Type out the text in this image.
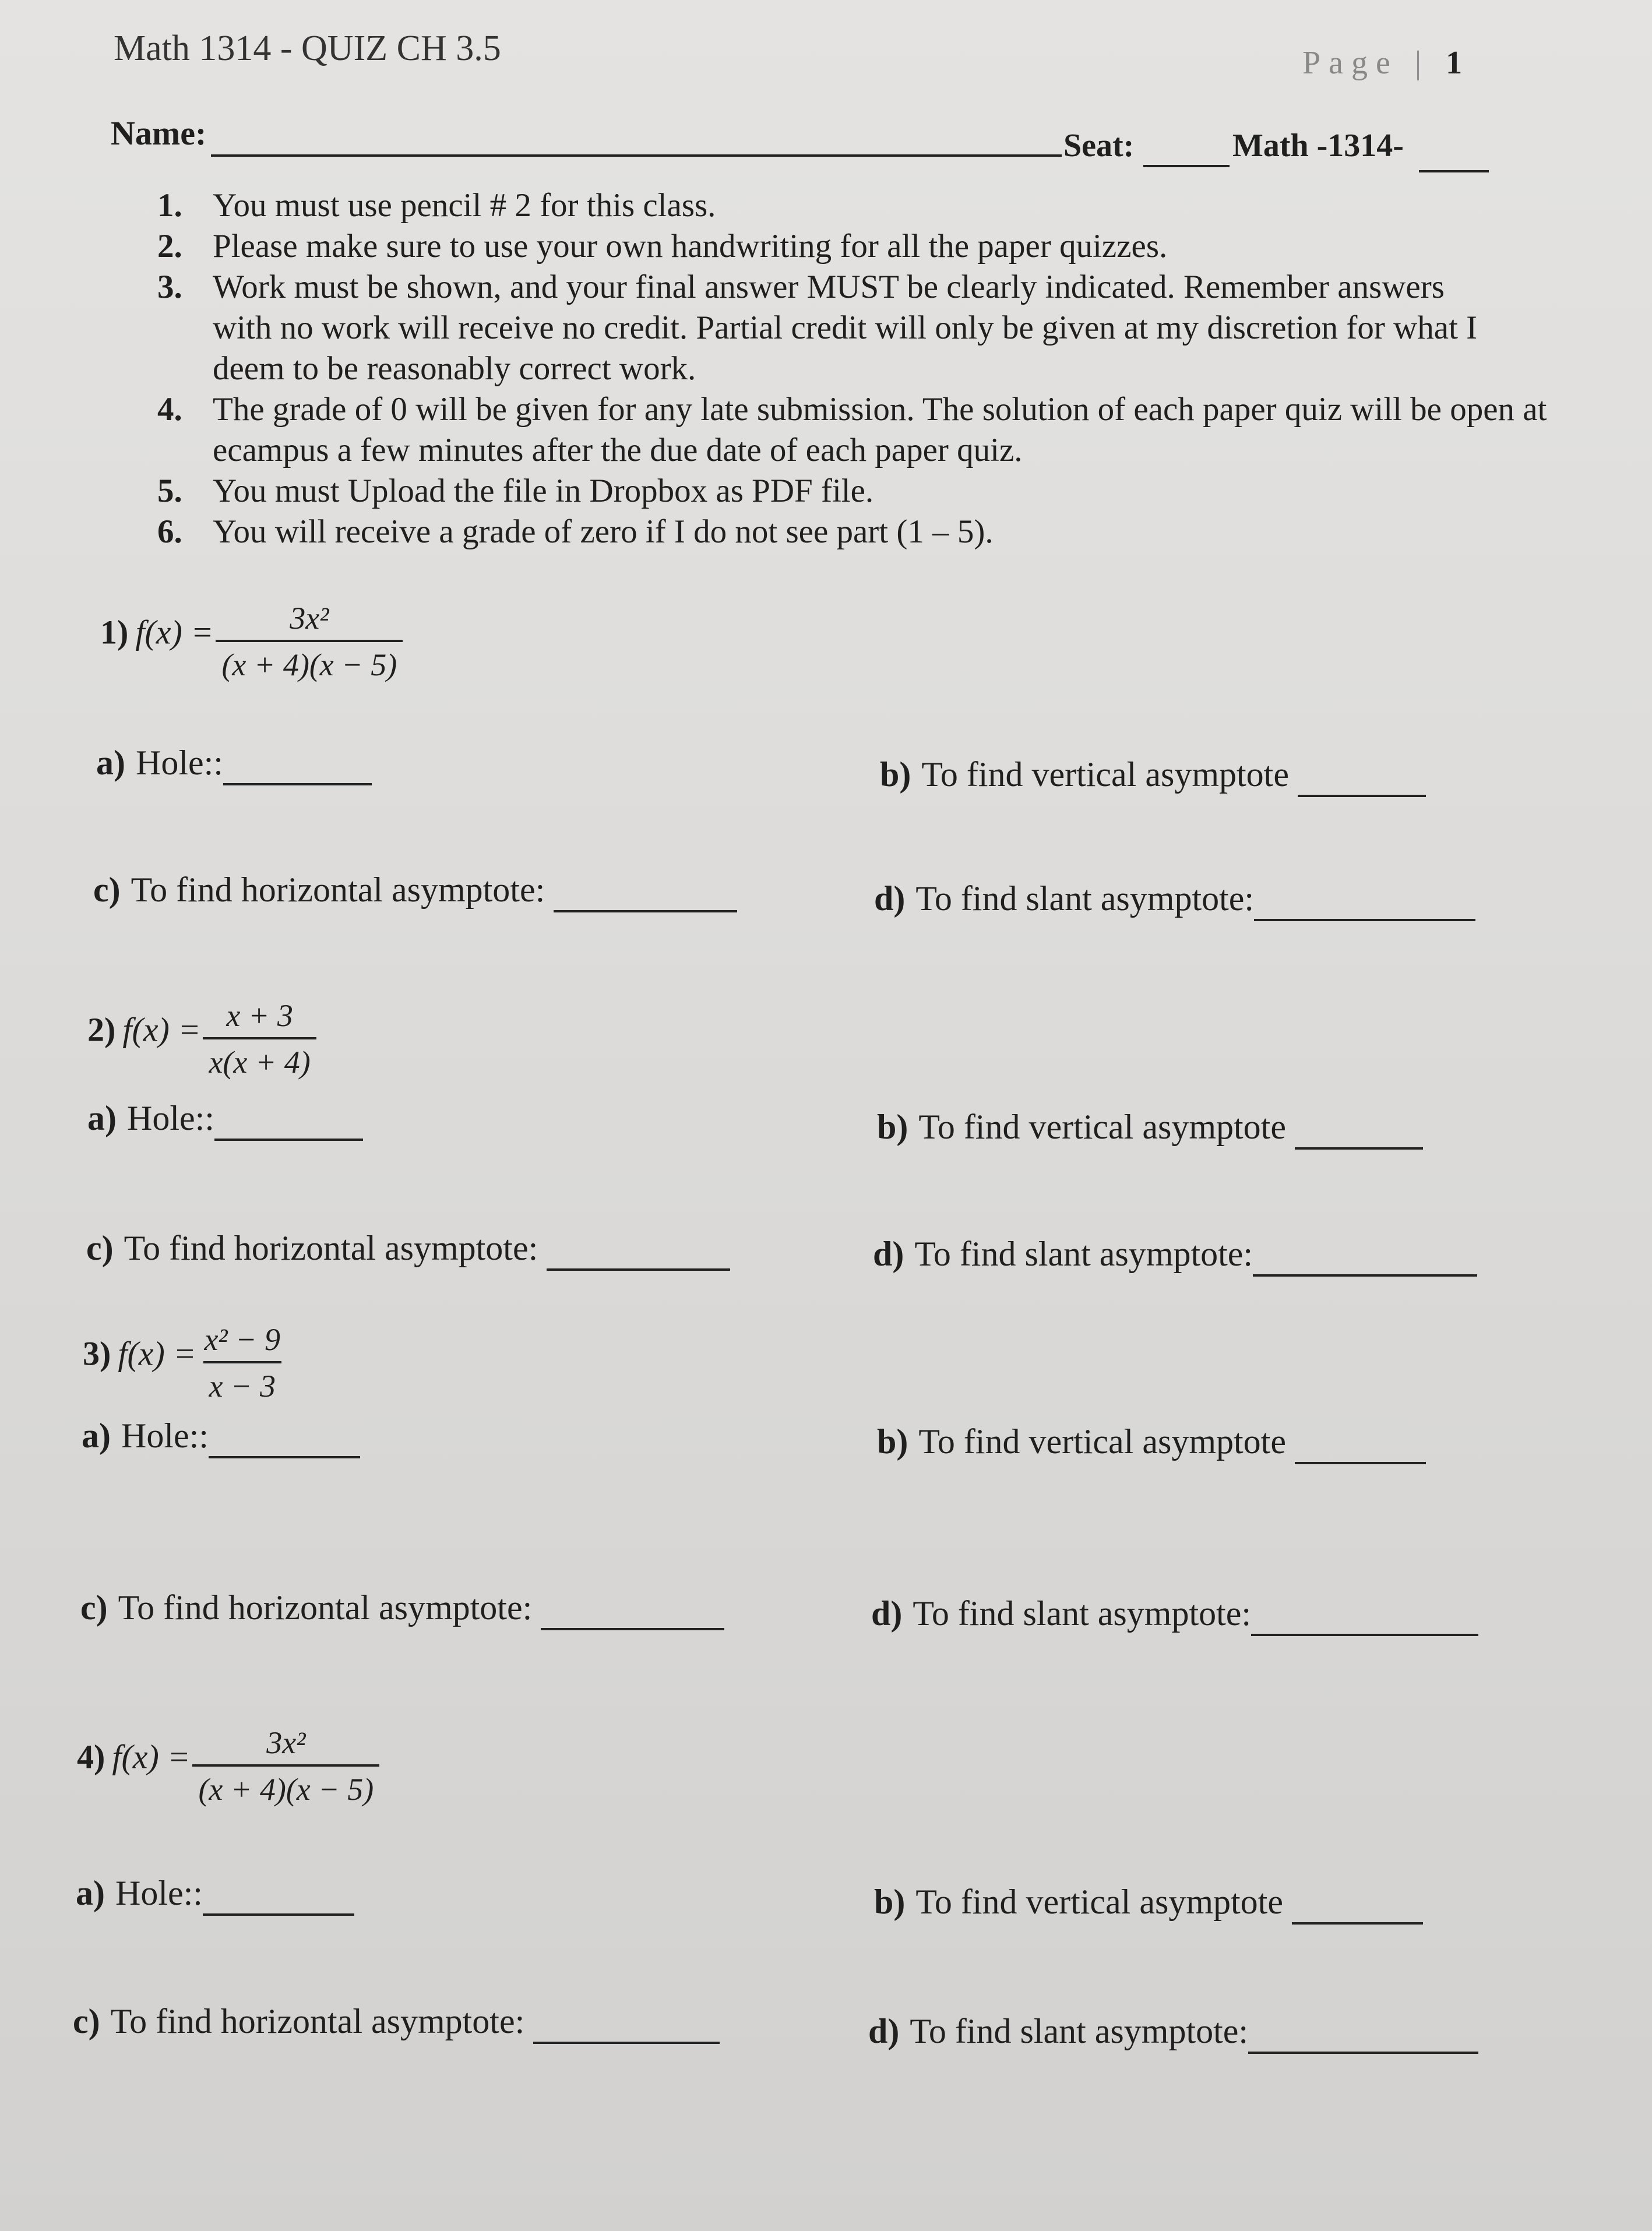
Math 1314 - QUIZ CH 3.5	Page | 1
Name:	Seat:	Math -1314-
1. You must use pencil # 2 for this class.
2. Please make sure to use your own handwriting for all the paper quizzes.
3. Work must be shown, and your final answer MUST be clearly indicated. Remember answers with no work will receive no credit. Partial credit will only be given at my discretion for what I deem to be reasonably correct work.
4. The grade of 0 will be given for any late submission. The solution of each paper quiz will be open at ecampus a few minutes after the due date of each paper quiz.
5. You must Upload the file in Dropbox as PDF file.
6. You will receive a grade of zero if I do not see part (1 – 5).
1) $f(x) = \frac{\text{3x²}}{(x + 4)(x - 5)}$
a) Hole::	b) To find vertical asymptote
c) To find horizontal asymptote:	d) To find slant asymptote:
2) $f(x) = \frac{x + 3}{x(x + 4)}$
a) Hole::	b) To find vertical asymptote
c) To find horizontal asymptote:	d) To find slant asymptote:
3) $f(x) = \frac{\text{x² − 9}}{x - 3}$
a) Hole::	b) To find vertical asymptote
c) To find horizontal asymptote:	d) To find slant asymptote:
4) $f(x) = \frac{\text{3x²}}{(x + 4)(x - 5)}$
a) Hole::	b) To find vertical asymptote
c) To find horizontal asymptote:	d) To find slant asymptote:
